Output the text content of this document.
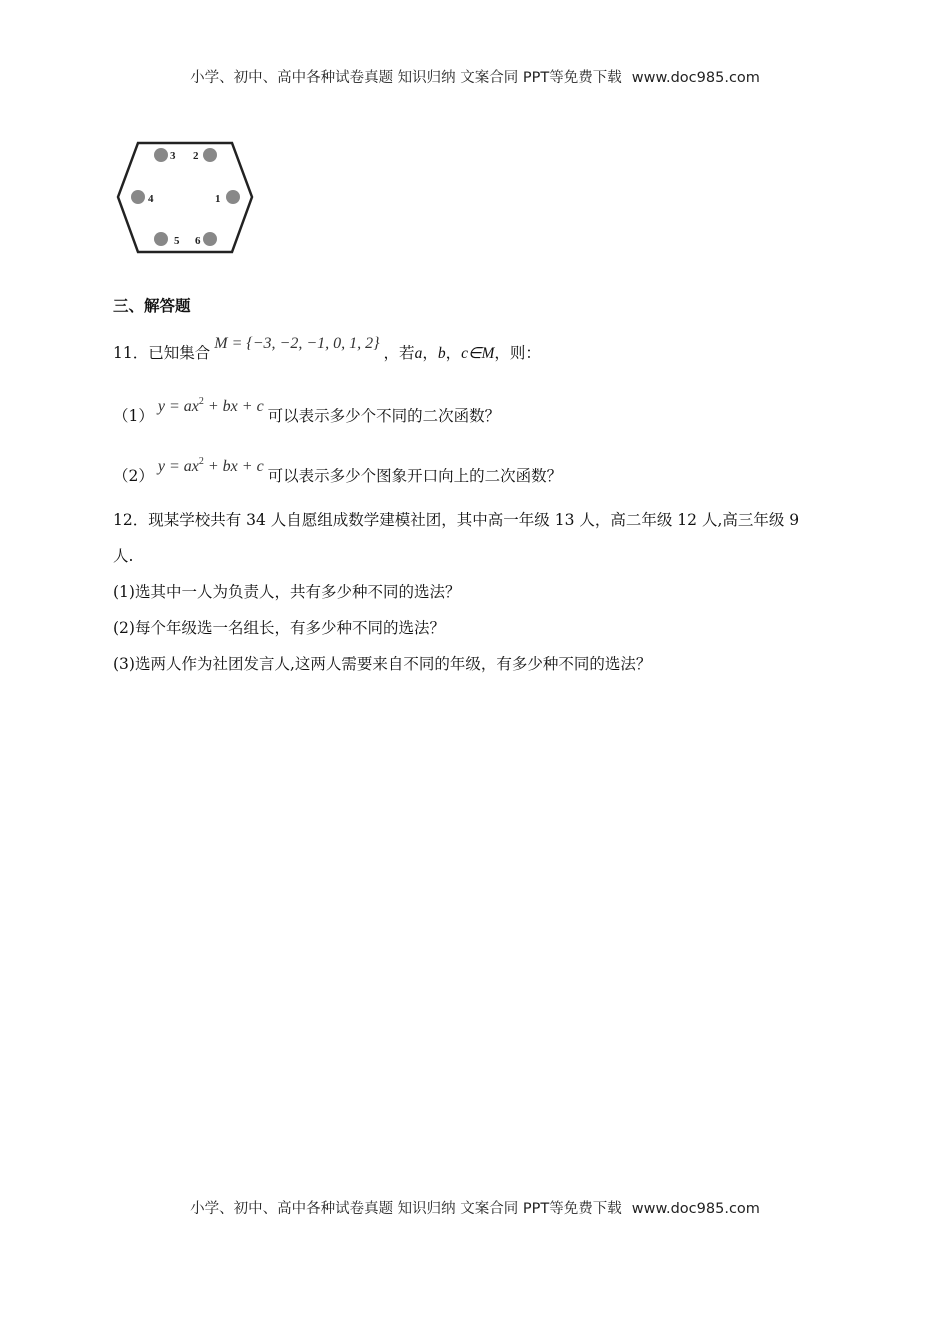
小学、初中、高中各种试卷真题 知识归纳 文案合同 PPT等免费下载 www.doc985.com
1
2
3
4
5 6
三、解答题
11．已知集合M = {−3, −2, −1, 0, 1, 2}，若a，b，c∈M，则：
$(1)y = ax^2$ + bx + c可以表示多少个不同的二次函数？
$(2)y = ax^2$ + bx + c可以表示多少个图象开口向上的二次函数？
12．现某学校共有 34 人自愿组成数学建模社团，其中高一年级 13 人，高二年级 12 人,高三年级 9
人.
(1)选其中一人为负责人，共有多少种不同的选法？
(2)每个年级选一名组长，有多少种不同的选法？
(3)选两人作为社团发言人,这两人需要来自不同的年级，有多少种不同的选法？
小学、初中、高中各种试卷真题 知识归纳 文案合同 PPT等免费下载 www.doc985.com
